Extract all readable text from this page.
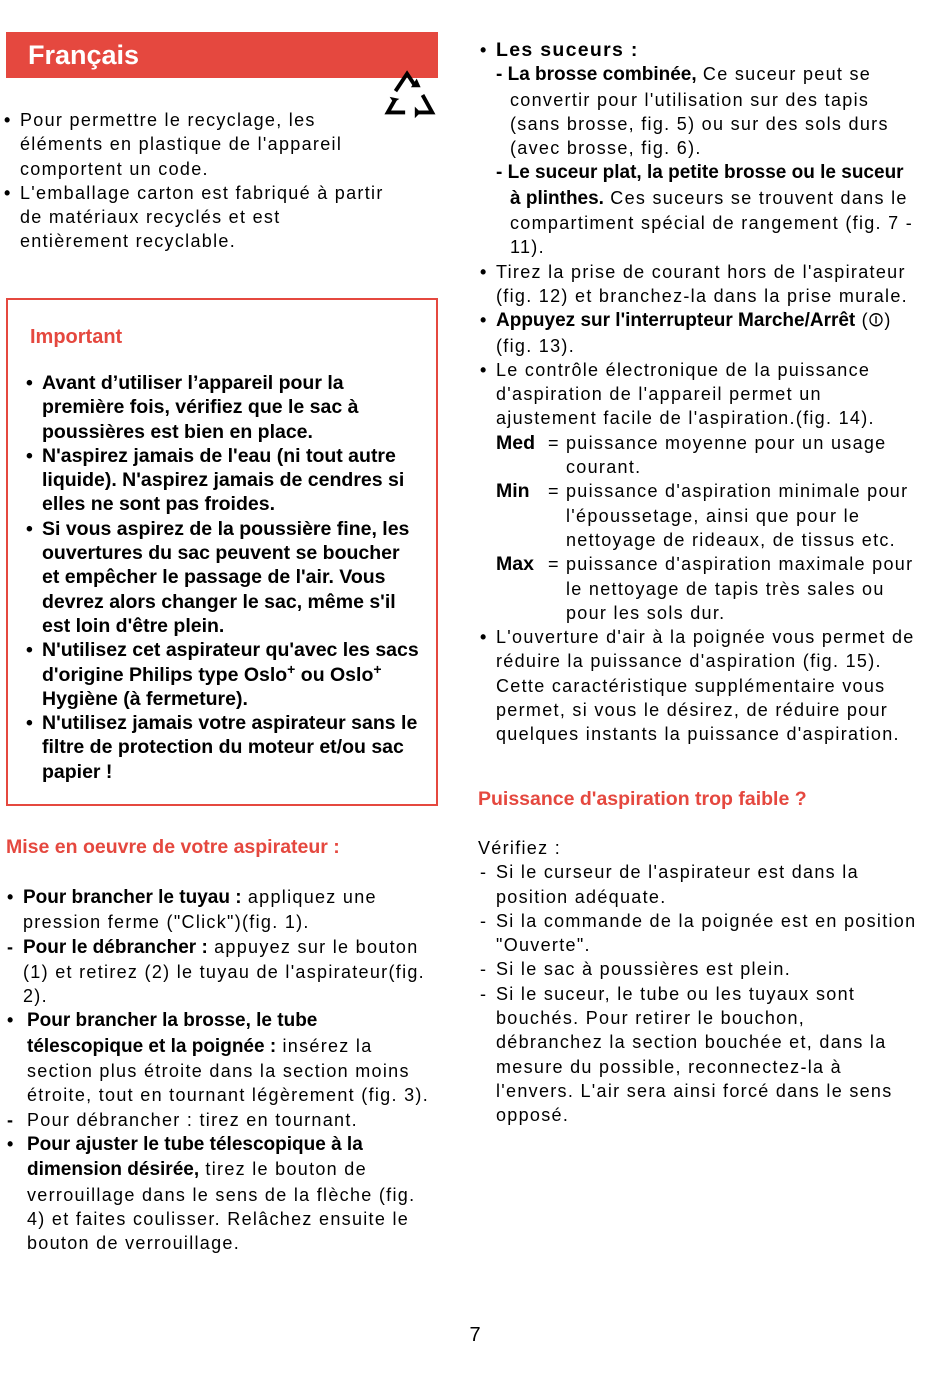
Français
• Pour permettre le recyclage, les éléments en plastique de l'appareil comportent un code.
• L'emballage carton est fabriqué à partir de matériaux recyclés et est entièrement recyclable.
Important
• Avant d’utiliser l’appareil pour la première fois, vérifiez que le sac à poussières est bien en place.
• N'aspirez jamais de l'eau (ni tout autre liquide). N'aspirez jamais de cendres si elles ne sont pas froides.
• Si vous aspirez de la poussière fine, les ouvertures du sac peuvent se boucher et empêcher le passage de l'air. Vous devrez alors changer le sac, même s'il est loin d'être plein.
• N'utilisez cet aspirateur qu'avec les sacs d'origine Philips type Oslo+ ou Oslo+ Hygiène (à fermeture).
• N'utilisez jamais votre aspirateur sans le filtre de protection du moteur et/ou sac papier !
Mise en oeuvre de votre aspirateur :
• Pour brancher le tuyau : appliquez une pression ferme ("Click")(fig. 1).
- Pour le débrancher : appuyez sur le bouton (1) et retirez (2) le tuyau de l'aspirateur(fig. 2).
• Pour brancher la brosse, le tube télescopique et la poignée : insérez la section plus étroite dans la section moins étroite, tout en tournant légèrement (fig. 3).
- Pour débrancher : tirez en tournant.
• Pour ajuster le tube télescopique à la dimension désirée, tirez le bouton de verrouillage dans le sens de la flèche (fig. 4) et faites coulisser. Relâchez ensuite le bouton de verrouillage.
• Les suceurs :
- La brosse combinée, Ce suceur peut se convertir pour l'utilisation sur des tapis (sans brosse, fig. 5) ou sur des sols durs (avec brosse, fig. 6).
- Le suceur plat, la petite brosse ou le suceur à plinthes. Ces suceurs se trouvent dans le compartiment spécial de rangement (fig. 7 - 11).
• Tirez la prise de courant hors de l'aspirateur (fig. 12) et branchez-la dans la prise murale.
• Appuyez sur l'interrupteur Marche/Arrêt (⏼) (fig. 13).
• Le contrôle électronique de la puissance d'aspiration de l'appareil permet un ajustement facile de l'aspiration.(fig. 14).
Med = puissance moyenne pour un usage courant.
Min	= puissance d'aspiration minimale pour l'époussetage, ainsi que pour le nettoyage de rideaux, de tissus etc.
Max = puissance d'aspiration maximale pour le nettoyage de tapis très sales ou pour les sols dur.
• L'ouverture d'air à la poignée vous permet de réduire la puissance d'aspiration (fig. 15). Cette caractéristique supplémentaire vous permet, si vous le désirez, de réduire pour quelques instants la puissance d'aspiration.
Puissance d'aspiration trop faible ?
Vérifiez :
- Si le curseur de l'aspirateur est dans la position adéquate.
- Si la commande de la poignée est en position "Ouverte".
- Si le sac à poussières est plein.
- Si le suceur, le tube ou les tuyaux sont bouchés. Pour retirer le bouchon, débranchez la section bouchée et, dans la mesure du possible, reconnectez-la à l'envers. L'air sera ainsi forcé dans le sens opposé.
7
